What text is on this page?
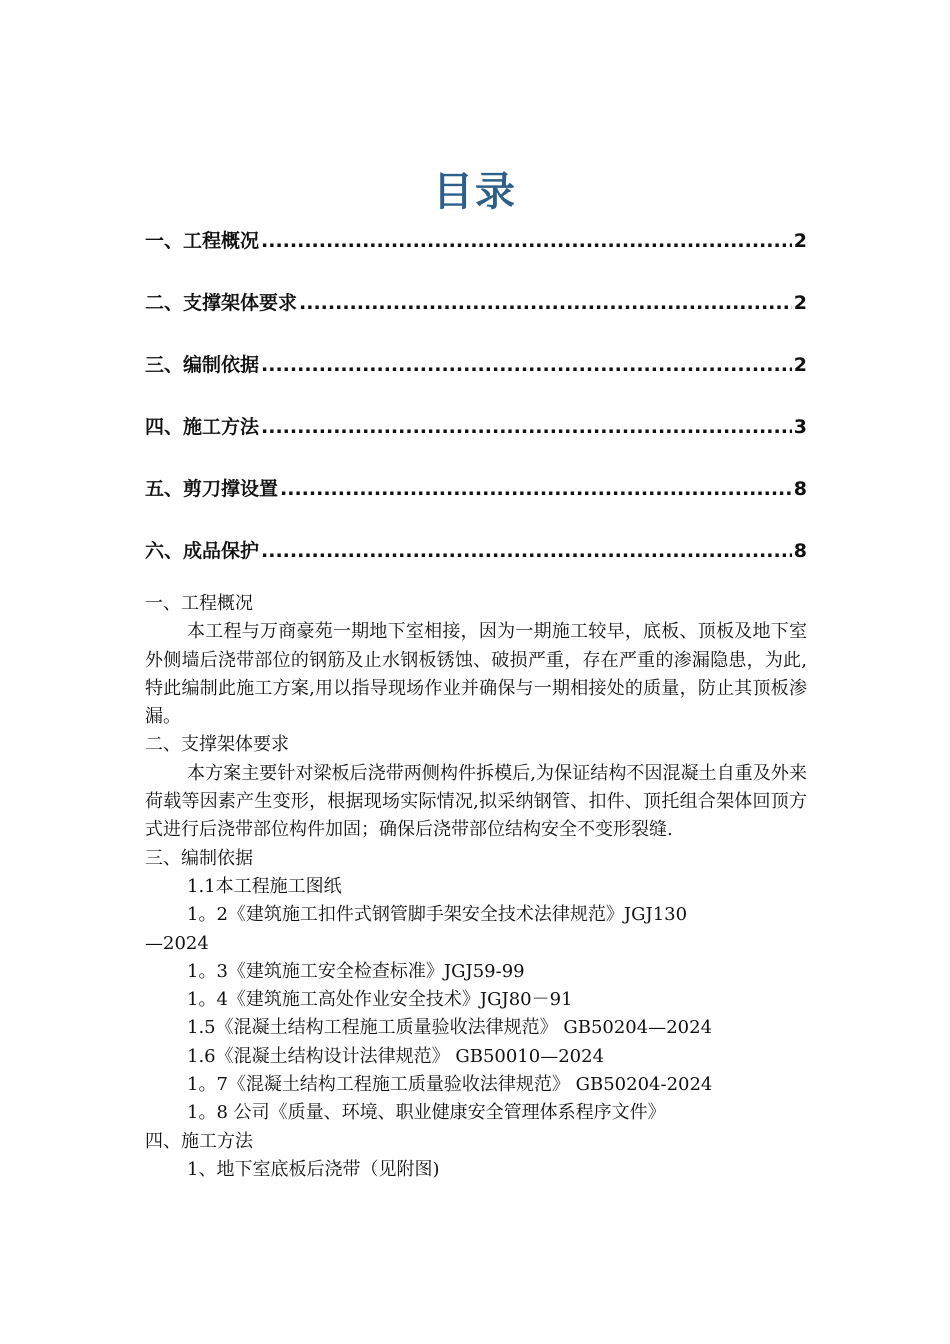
目录
一、工程概况 .....	2
二、支撑架体要求 .....	2
三、编制依据 .....	2
四、施工方法 .....	3
五、剪刀撑设置 .....	8
六、成品保护 .....	8

一、工程概况

本工程与万商豪苑一期地下室相接，因为一期施工较早，底板、顶板及地下室外侧墙后浇带部位的钢筋及止水钢板锈蚀、破损严重，存在严重的渗漏隐患，为此,特此编制此施工方案,用以指导现场作业并确保与一期相接处的质量，防止其顶板渗漏。

二、支撑架体要求

本方案主要针对梁板后浇带两侧构件拆模后,为保证结构不因混凝土自重及外来荷载等因素产生变形，根据现场实际情况,拟采纳钢管、扣件、顶托组合架体回顶方式进行后浇带部位构件加固；确保后浇带部位结构安全不变形裂缝.

三、编制依据

1.1本工程施工图纸

1。2《建筑施工扣件式钢管脚手架安全技术法律规范》JGJ130

—2024

1。3《建筑施工安全检查标准》JGJ59-99

1。4《建筑施工高处作业安全技术》JGJ80－91

1.5《混凝土结构工程施工质量验收法律规范》 GB50204—2024

1.6《混凝土结构设计法律规范》 GB50010—2024

1。7《混凝土结构工程施工质量验收法律规范》 GB50204-2024

1。8 公司《质量、环境、职业健康安全管理体系程序文件》

四、施工方法

1、地下室底板后浇带（见附图)
